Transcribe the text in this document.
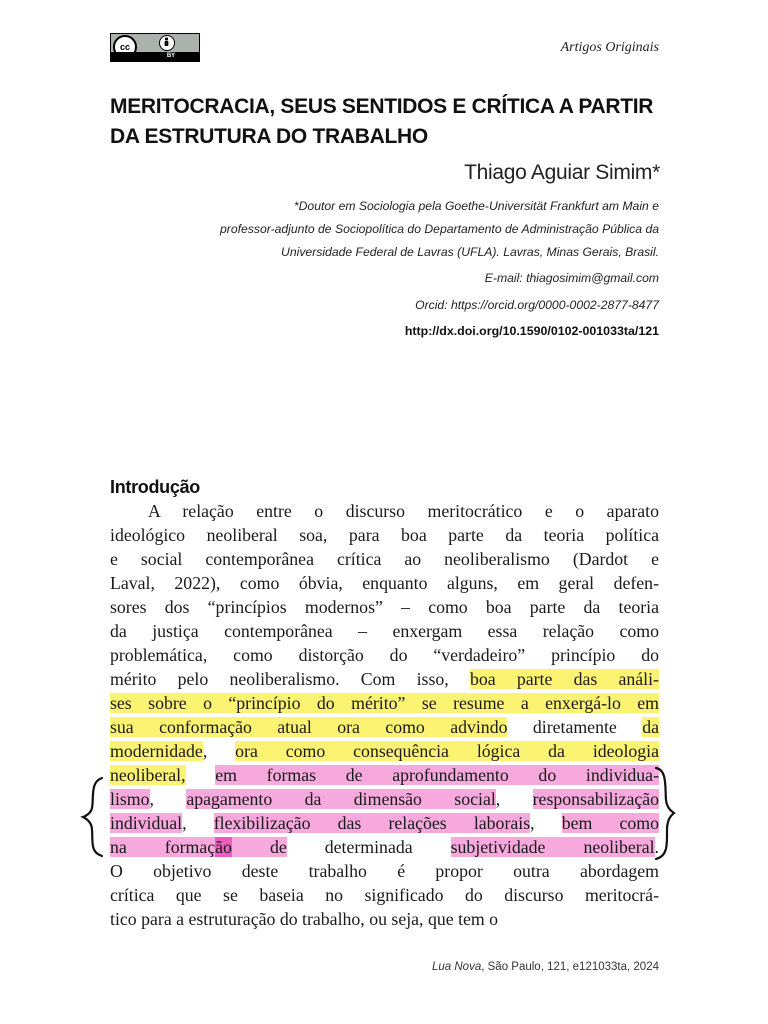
cc
BY
Artigos Originais
MERITOCRACIA, SEUS SENTIDOS E CRÍTICA A PARTIR DA ESTRUTURA DO TRABALHO
Thiago Aguiar Simim*
*Doutor em Sociologia pela Goethe-Universität Frankfurt am Main e
professor-adjunto de Sociopolítica do Departamento de Administração Pública da
Universidade Federal de Lavras (UFLA). Lavras, Minas Gerais, Brasil.
E-mail: thiagosimim@gmail.com
Orcid: https://orcid.org/0000-0002-2877-8477
http://dx.doi.org/10.1590/0102-001033ta/121
Introdução
A relação entre o discurso meritocrático e o aparato
ideológico neoliberal soa, para boa parte da teoria política
e social contemporânea crítica ao neoliberalismo (Dardot e
Laval, 2022), como óbvia, enquanto alguns, em geral defen-
sores dos “princípios modernos” – como boa parte da teoria
da justiça contemporânea – enxergam essa relação como
problemática, como distorção do “verdadeiro” princípio do
mérito pelo neoliberalismo. Com isso, boa parte das análi-
ses sobre o “princípio do mérito” se resume a enxergá-lo em
sua conformação atual ora como advindo diretamente da
modernidade, ora como consequência lógica da ideologia
neoliberal, em formas de aprofundamento do individua-
lismo, apagamento da dimensão social, responsabilização
individual, flexibilização das relações laborais, bem como
na formação de determinada subjetividade neoliberal.
O objetivo deste trabalho é propor outra abordagem
crítica que se baseia no significado do discurso meritocrá-
tico para a estruturação do trabalho, ou seja, que tem o
Lua Nova, São Paulo, 121, e121033ta, 2024
